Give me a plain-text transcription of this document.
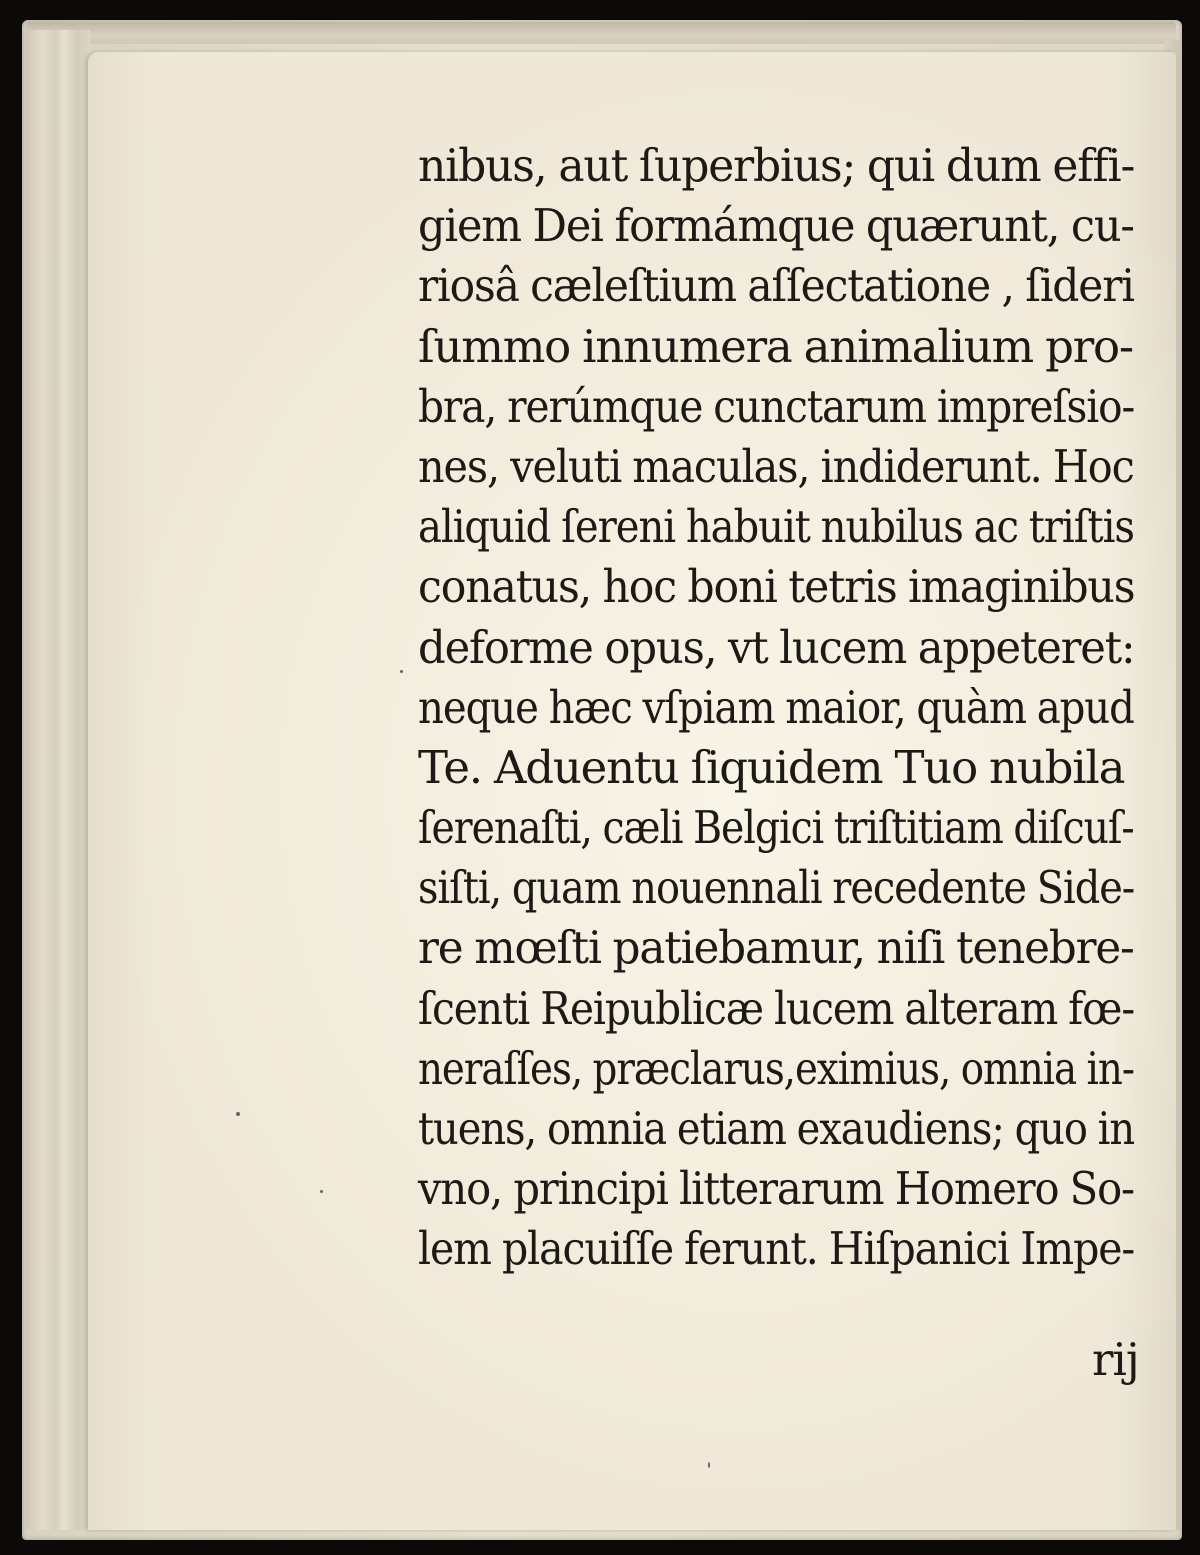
nibus, aut ſuperbius; qui dum effi-
giem Dei formámque quærunt, cu-
riosâ cæleſtium aſſectatione , ſideri
ſummo innumera animalium pro-
bra, rerúmque cunctarum impreſsio-
nes, veluti maculas, indiderunt. Hoc
aliquid ſereni habuit nubilus ac triſtis
conatus, hoc boni tetris imaginibus
deforme opus, vt lucem appeteret:
neque hæc vſpiam maior, quàm apud
Te. Aduentu ſiquidem Tuo nubila
ſerenaſti, cæli Belgici triſtitiam diſcuſ-
siſti, quam nouennali recedente Side-
re mœſti patiebamur, niſi tenebre-
ſcenti Reipublicæ lucem alteram fœ-
neraſſes, præclarus,eximius, omnia in-
tuens, omnia etiam exaudiens; quo in
vno, principi litterarum Homero So-
lem placuiſſe ferunt. Hiſpanici Impe-
rij
